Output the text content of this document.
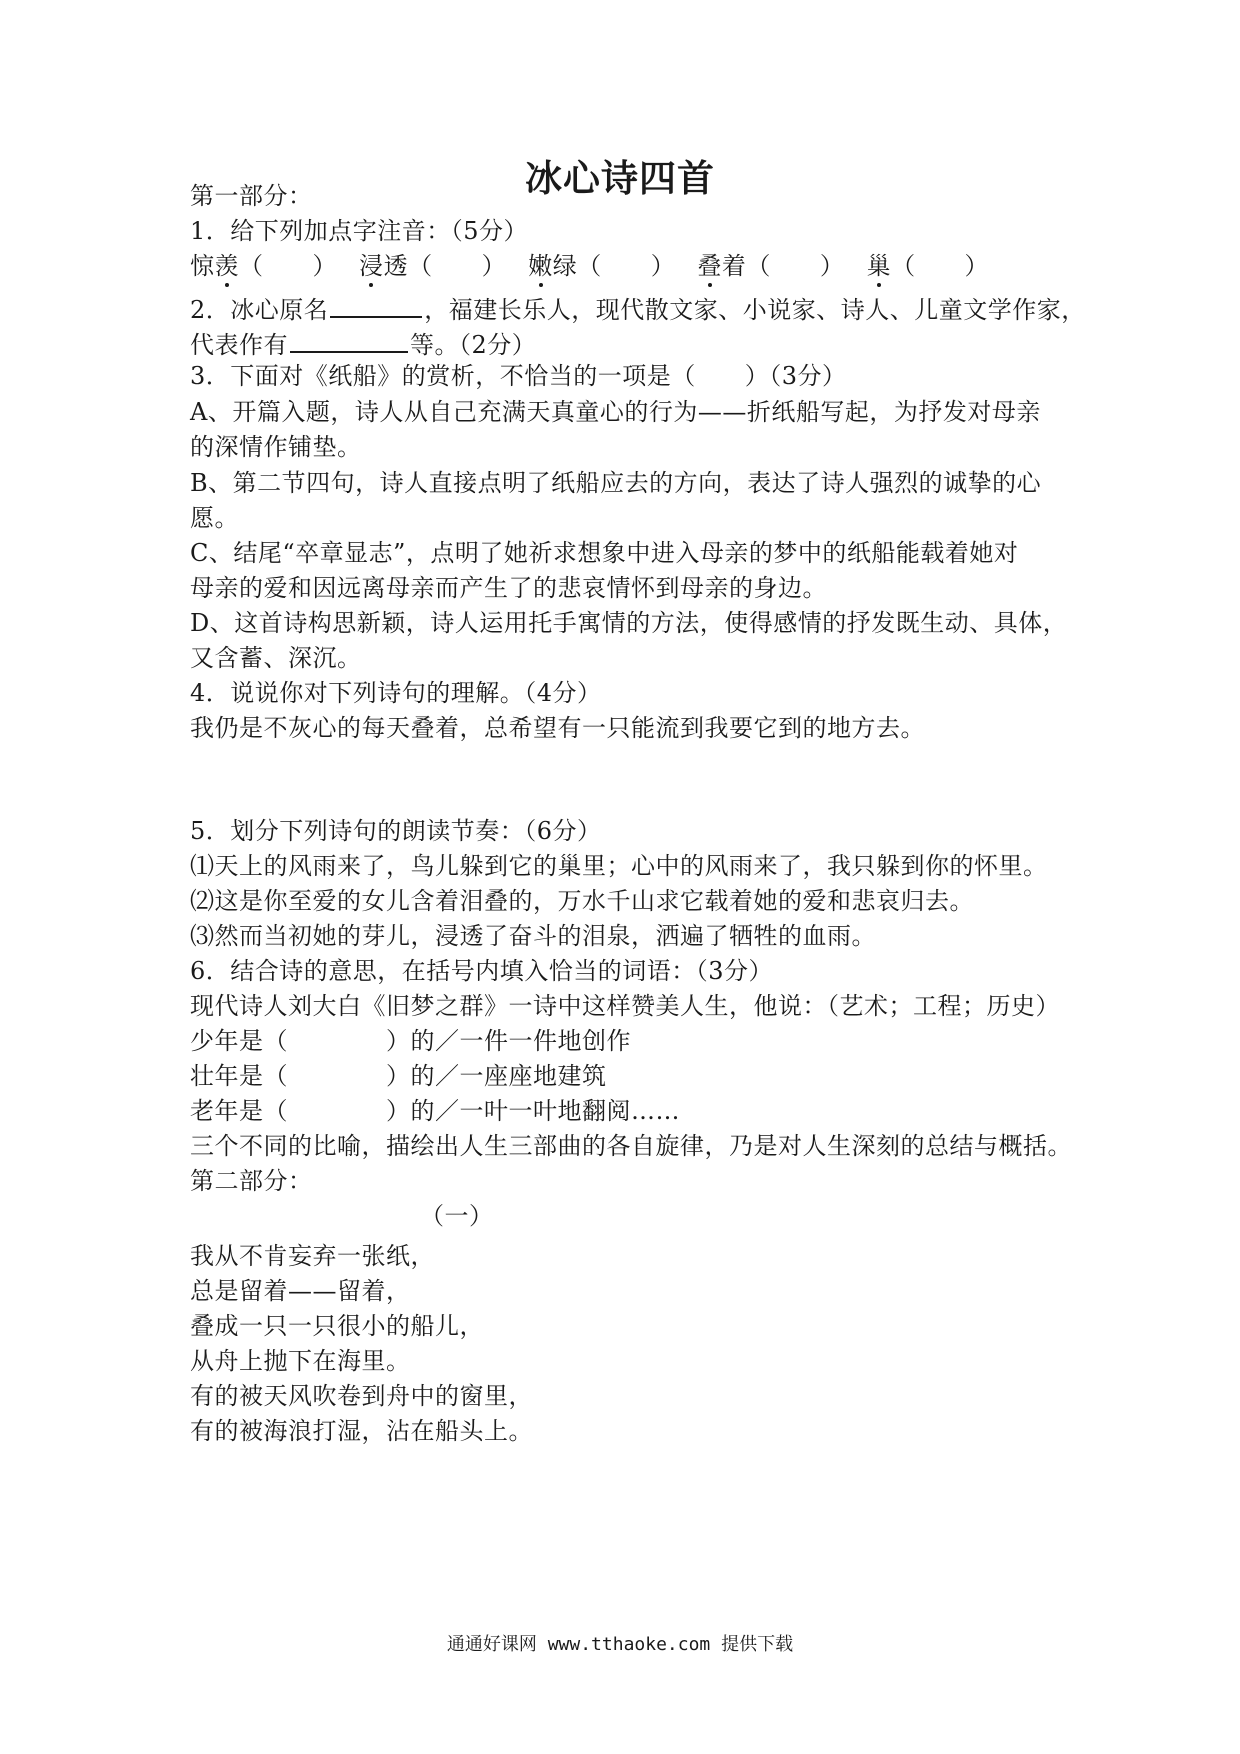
冰心诗四首
第一部分：
1．给下列加点字注音：（5分）
惊羡（　　） 浸透（　　） 嫩绿（　　） 叠着（　　） 巢（　　）
2．冰心原名	，福建长乐人，现代散文家、小说家、诗人、儿童文学作家，
代表作有	等。（2分）
3．下面对《纸船》的赏析，不恰当的一项是（　　）（3分）
A、开篇入题，诗人从自己充满天真童心的行为——折纸船写起，为抒发对母亲
的深情作铺垫。
B、第二节四句，诗人直接点明了纸船应去的方向，表达了诗人强烈的诚挚的心
愿。
C、结尾“卒章显志”，点明了她祈求想象中进入母亲的梦中的纸船能载着她对
母亲的爱和因远离母亲而产生了的悲哀情怀到母亲的身边。
D、这首诗构思新颖，诗人运用托手寓情的方法，使得感情的抒发既生动、具体，
又含蓄、深沉。
4．说说你对下列诗句的理解。（4分）
我仍是不灰心的每天叠着，总希望有一只能流到我要它到的地方去。
5．划分下列诗句的朗读节奏：（6分）
⑴天上的风雨来了，鸟儿躲到它的巢里；心中的风雨来了，我只躲到你的怀里。
⑵这是你至爱的女儿含着泪叠的，万水千山求它载着她的爱和悲哀归去。
⑶然而当初她的芽儿，浸透了奋斗的泪泉，洒遍了牺牲的血雨。
6．结合诗的意思，在括号内填入恰当的词语：（3分）
现代诗人刘大白《旧梦之群》一诗中这样赞美人生，他说：（艺术；工程；历史）
少年是（　　　　）的／一件一件地创作
壮年是（　　　　）的／一座座地建筑
老年是（　　　　）的／一叶一叶地翻阅……
三个不同的比喻，描绘出人生三部曲的各自旋律，乃是对人生深刻的总结与概括。
第二部分：
（一）
我从不肯妄弃一张纸，
总是留着——留着，
叠成一只一只很小的船儿，
从舟上抛下在海里。
有的被天风吹卷到舟中的窗里，
有的被海浪打湿，沾在船头上。
通通好课网 www.tthaoke.com 提供下载
